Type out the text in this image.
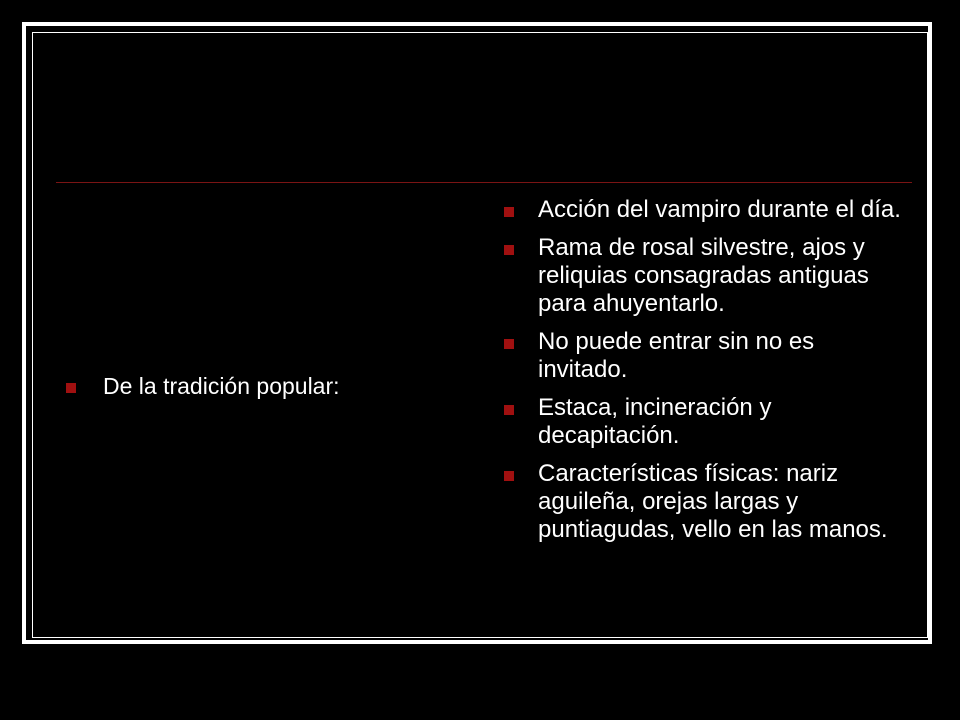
De la tradición popular:
Acción del vampiro durante el día.
Rama de rosal silvestre, ajos y reliquias consagradas antiguas para ahuyentarlo.
No puede entrar sin no es invitado.
Estaca, incineración y decapitación.
Características físicas: nariz aguileña, orejas largas y puntiagudas, vello en las manos.
